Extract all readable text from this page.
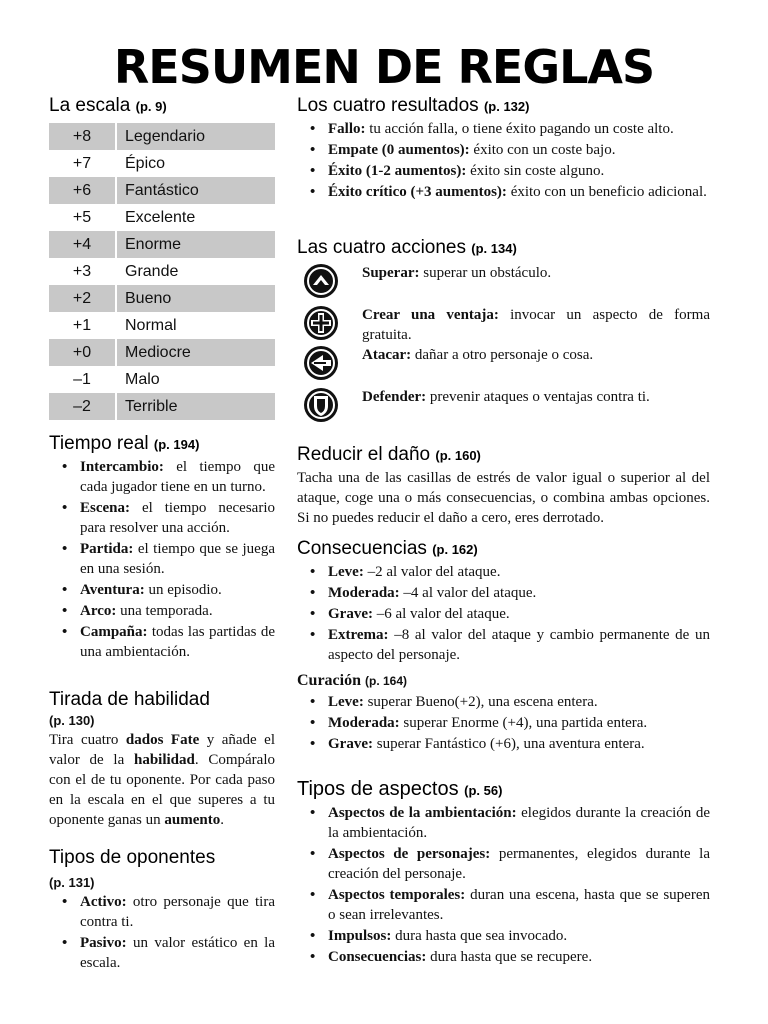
RESUMEN DE REGLAS
La escala (p. 9)
+8	Legendario
+7	Épico
+6	Fantástico
+5	Excelente
+4	Enorme
+3	Grande
+2	Bueno
+1	Normal
+0	Mediocre
–1	Malo
–2	Terrible
Tiempo real (p. 194)
• Intercambio: el tiempo que cada jugador tiene en un turno.
• Escena: el tiempo necesario para resolver una acción.
• Partida: el tiempo que se juega en una sesión.
• Aventura: un episodio.
• Arco: una temporada.
• Campaña: todas las partidas de una ambientación.
Tirada de habilidad
(p. 130)

Tira cuatro dados Fate y añade el valor de la habilidad. Compáralo con el de tu oponente. Por cada paso en la escala en el que superes a tu oponente ganas un aumento.

Tipos de oponentes
(p. 131)
• Activo: otro personaje que tira contra ti.
• Pasivo: un valor estático en la escala.
Los cuatro resultados (p. 132)
• Fallo: tu acción falla, o tiene éxito pagando un coste alto.
• Empate (0 aumentos): éxito con un coste bajo.
• Éxito (1-2 aumentos): éxito sin coste alguno.
• Éxito crítico (+3 aumentos): éxito con un beneficio adicional.
Las cuatro acciones (p. 134)
Superar: superar un obstáculo.
Crear una ventaja: invocar un aspecto de forma gratuita.
Atacar: dañar a otro personaje o cosa.
Defender: prevenir ataques o ventajas contra ti.
Reducir el daño (p. 160)

Tacha una de las casillas de estrés de valor igual o superior al del ataque, coge una o más consecuencias, o combina ambas opciones. Si no puedes reducir el daño a cero, eres derrotado.

Consecuencias (p. 162)
• Leve: –2 al valor del ataque.
• Moderada: –4 al valor del ataque.
• Grave: –6 al valor del ataque.
• Extrema: –8 al valor del ataque y cambio permanente de un aspecto del personaje.
Curación (p. 164)
• Leve: superar Bueno(+2), una escena entera.
• Moderada: superar Enorme (+4), una partida entera.
• Grave: superar Fantástico (+6), una aventura entera.
Tipos de aspectos (p. 56)
• Aspectos de la ambientación: elegidos durante la creación de la ambientación.
• Aspectos de personajes: permanentes, elegidos durante la creación del personaje.
• Aspectos temporales: duran una escena, hasta que se superen o sean irrelevantes.
• Impulsos: dura hasta que sea invocado.
• Consecuencias: dura hasta que se recupere.
